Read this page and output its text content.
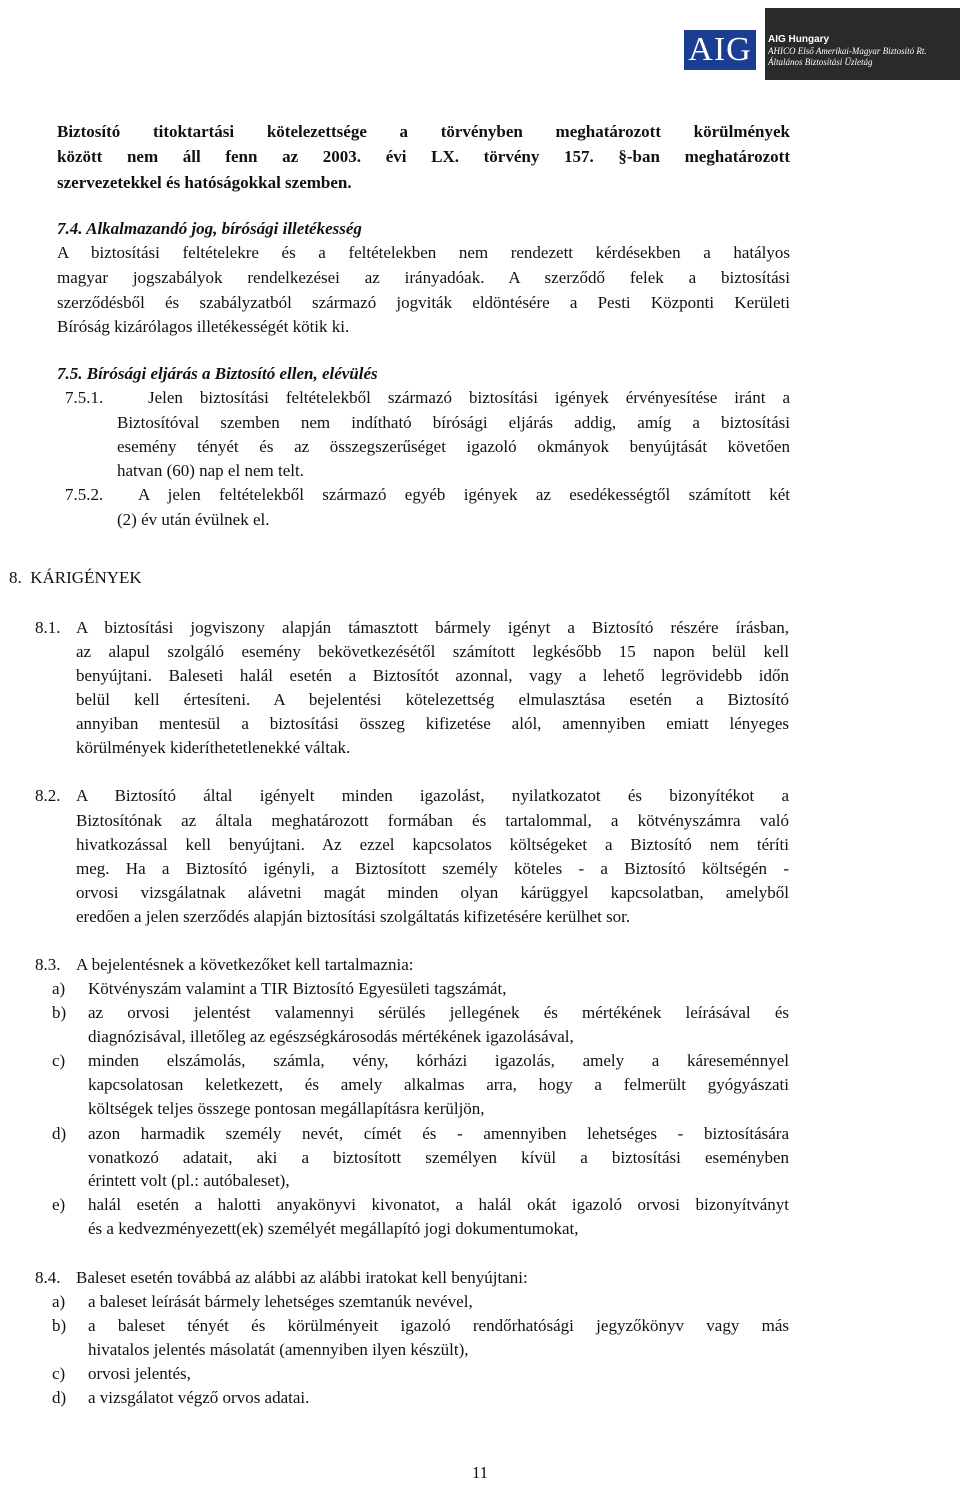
AIG	AIG Hungary
AHICO Első Amerikai-Magyar Biztosító Rt.
Általános Biztosítási Üzletág
Biztosító titoktartási kötelezettsége a törvényben meghatározott körülmények
között nem áll fenn az 2003. évi LX. törvény 157. §-ban meghatározott
szervezetekkel és hatóságokkal szemben.
7.4. Alkalmazandó jog, bírósági illetékesség
A biztosítási feltételekre és a feltételekben nem rendezett kérdésekben a hatályos
magyar jogszabályok rendelkezései az irányadóak. A szerződő felek a biztosítási
szerződésből és szabályzatból származó jogviták eldöntésére a Pesti Központi Kerületi
Bíróság kizárólagos illetékességét kötik ki.
7.5. Bírósági eljárás a Biztosító ellen, elévülés
7.5.1.	Jelen biztosítási feltételekből származó biztosítási igények érvényesítése iránt a
Biztosítóval szemben nem indítható bírósági eljárás addig, amíg a biztosítási
esemény tényét és az összegszerűséget igazoló okmányok benyújtását követően
hatvan (60) nap el nem telt.
7.5.2. A jelen feltételekből származó egyéb igények az esedékességtől számított két
(2) év után évülnek el.
8.  KÁRIGÉNYEK
8.1. A biztosítási jogviszony alapján támasztott bármely igényt a Biztosító részére írásban,
az alapul szolgáló esemény bekövetkezésétől számított legkésőbb 15 napon belül kell
benyújtani. Baleseti halál esetén a Biztosítót azonnal, vagy a lehető legrövidebb időn
belül kell értesíteni. A bejelentési kötelezettség elmulasztása esetén a Biztosító
annyiban mentesül a biztosítási összeg kifizetése alól, amennyiben emiatt lényeges
körülmények kideríthetetlenekké váltak.
8.2. A Biztosító által igényelt minden igazolást, nyilatkozatot és bizonyítékot a
Biztosítónak az általa meghatározott formában és tartalommal, a kötvényszámra való
hivatkozással kell benyújtani. Az ezzel kapcsolatos költségeket a Biztosító nem téríti
meg. Ha a Biztosító igényli, a Biztosított személy köteles - a Biztosító költségén -
orvosi vizsgálatnak alávetni magát minden olyan kárüggyel kapcsolatban, amelyből
eredően a jelen szerződés alapján biztosítási szolgáltatás kifizetésére kerülhet sor.
8.3. A bejelentésnek a következőket kell tartalmaznia:
a) Kötvényszám valamint a TIR Biztosító Egyesületi tagszámát,
b) az orvosi jelentést valamennyi sérülés jellegének és mértékének leírásával és
diagnózisával, illetőleg az egészségkárosodás mértékének igazolásával,
c) minden elszámolás, számla, vény, kórházi igazolás, amely a káreseménnyel
kapcsolatosan keletkezett, és amely alkalmas arra, hogy a felmerült gyógyászati
költségek teljes összege pontosan megállapításra kerüljön,
d) azon harmadik személy nevét, címét és - amennyiben lehetséges - biztosítására
vonatkozó adatait, aki a biztosított személyen kívül a biztosítási eseményben
érintett volt (pl.: autóbaleset),
e) halál esetén a halotti anyakönyvi kivonatot, a halál okát igazoló orvosi bizonyítványt
és a kedvezményezett(ek) személyét megállapító jogi dokumentumokat,
8.4. Baleset esetén továbbá az alábbi az alábbi iratokat kell benyújtani:
a) a baleset leírását bármely lehetséges szemtanúk nevével,
b) a baleset tényét és körülményeit igazoló rendőrhatósági jegyzőkönyv vagy más
hivatalos jelentés másolatát (amennyiben ilyen készült),
c) orvosi jelentés,
d) a vizsgálatot végző orvos adatai.
11
